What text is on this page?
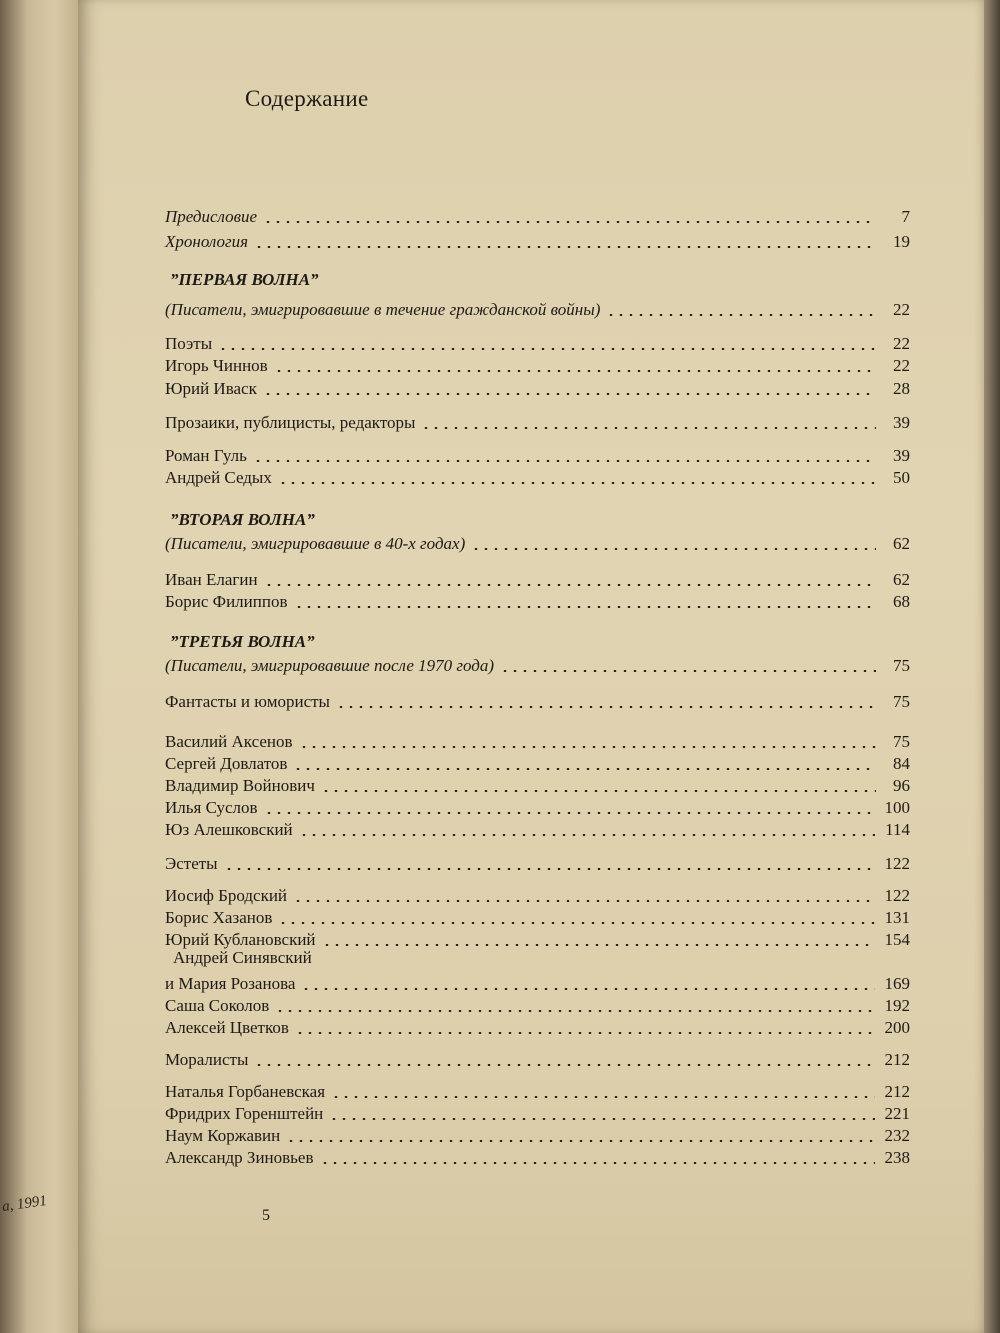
а, 1991
Содержание
Предисловие	7
Хронология	19
”ПЕРВАЯ ВОЛНА”
(Писатели, эмигрировавшие в течение гражданской войны)	22
Поэты	22
Игорь Чиннов	22
Юрий Иваск	28
Прозаики, публицисты, редакторы	39
Роман Гуль	39
Андрей Седых	50
”ВТОРАЯ ВОЛНА”
(Писатели, эмигрировавшие в 40-х годах)	62
Иван Елагин	62
Борис Филиппов	68
”ТРЕТЬЯ ВОЛНА”
(Писатели, эмигрировавшие после 1970 года)	75
Фантасты и юмористы	75
Василий Аксенов	75
Сергей Довлатов	84
Владимир Войнович	96
Илья Суслов	100
Юз Алешковский	114
Эстеты	122
Иосиф Бродский	122
Борис Хазанов	131
Юрий Кублановский	154
Андрей Синявский
и Мария Розанова	169
Саша Соколов	192
Алексей Цветков	200
Моралисты	212
Наталья Горбаневская	212
Фридрих Горенштейн	221
Наум Коржавин	232
Александр Зиновьев	238
5
